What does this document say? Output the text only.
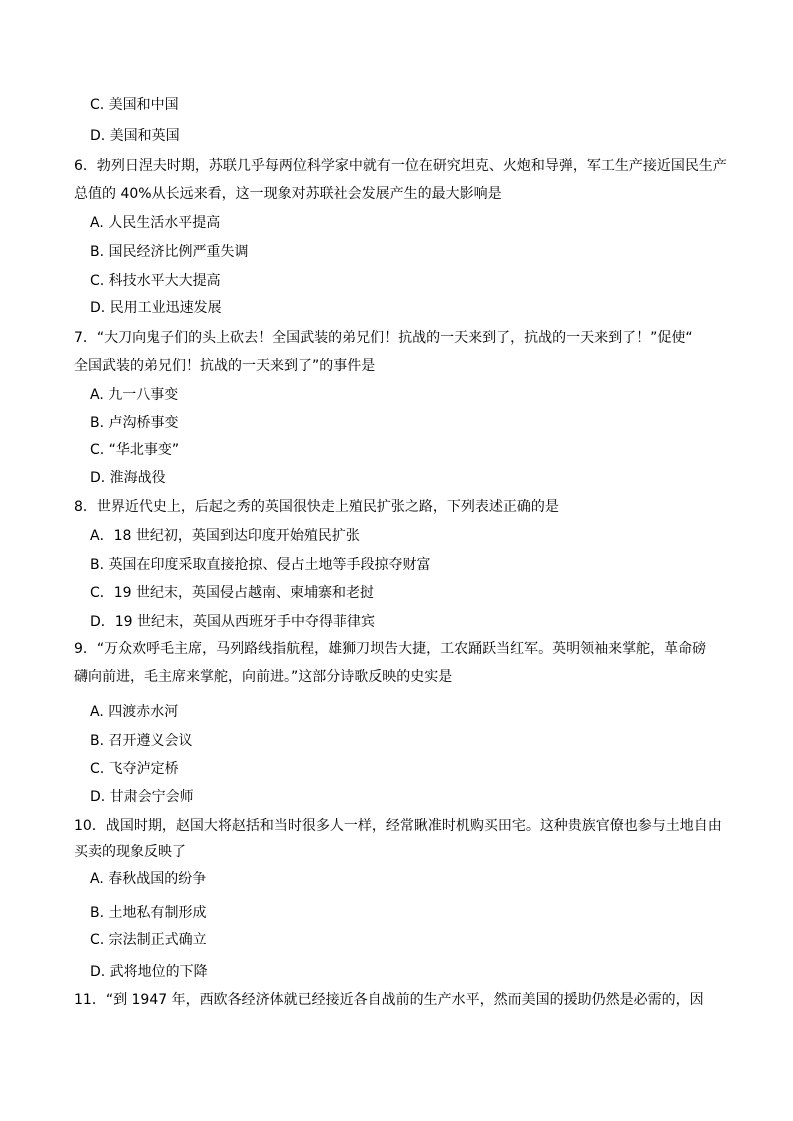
C. 美国和中国
D. 美国和英国
6．勃列日涅夫时期，苏联几乎每两位科学家中就有一位在研究坦克、火炮和导弹，军工生产接近国民生产
总值的 40%从长远来看，这一现象对苏联社会发展产生的最大影响是
A. 人民生活水平提高
B. 国民经济比例严重失调
C. 科技水平大大提高
D. 民用工业迅速发展
7．“大刀向鬼子们的头上砍去！全国武装的弟兄们！抗战的一天来到了，抗战的一天来到了！”促使“
全国武装的弟兄们！抗战的一天来到了”的事件是
A. 九一八事变
B. 卢沟桥事变
C. “华北事变”
D. 淮海战役
8．世界近代史上，后起之秀的英国很快走上殖民扩张之路，下列表述正确的是
A．18 世纪初，英国到达印度开始殖民扩张
B. 英国在印度采取直接抢掠、侵占土地等手段掠夺财富
C．19 世纪末，英国侵占越南、柬埔寨和老挝
D．19 世纪末，英国从西班牙手中夺得菲律宾
9．“万众欢呼毛主席，马列路线指航程，雄狮刀坝告大捷，工农踊跃当红军。英明领袖来掌舵，革命磅
礴向前进，毛主席来掌舵，向前进。”这部分诗歌反映的史实是
A. 四渡赤水河
B. 召开遵义会议
C. 飞夺泸定桥
D. 甘肃会宁会师
10．战国时期，赵国大将赵括和当时很多人一样，经常瞅准时机购买田宅。这种贵族官僚也参与土地自由
买卖的现象反映了
A. 春秋战国的纷争
B. 土地私有制形成
C. 宗法制正式确立
D. 武将地位的下降
11．“到 1947 年，西欧各经济体就已经接近各自战前的生产水平，然而美国的援助仍然是必需的，因
